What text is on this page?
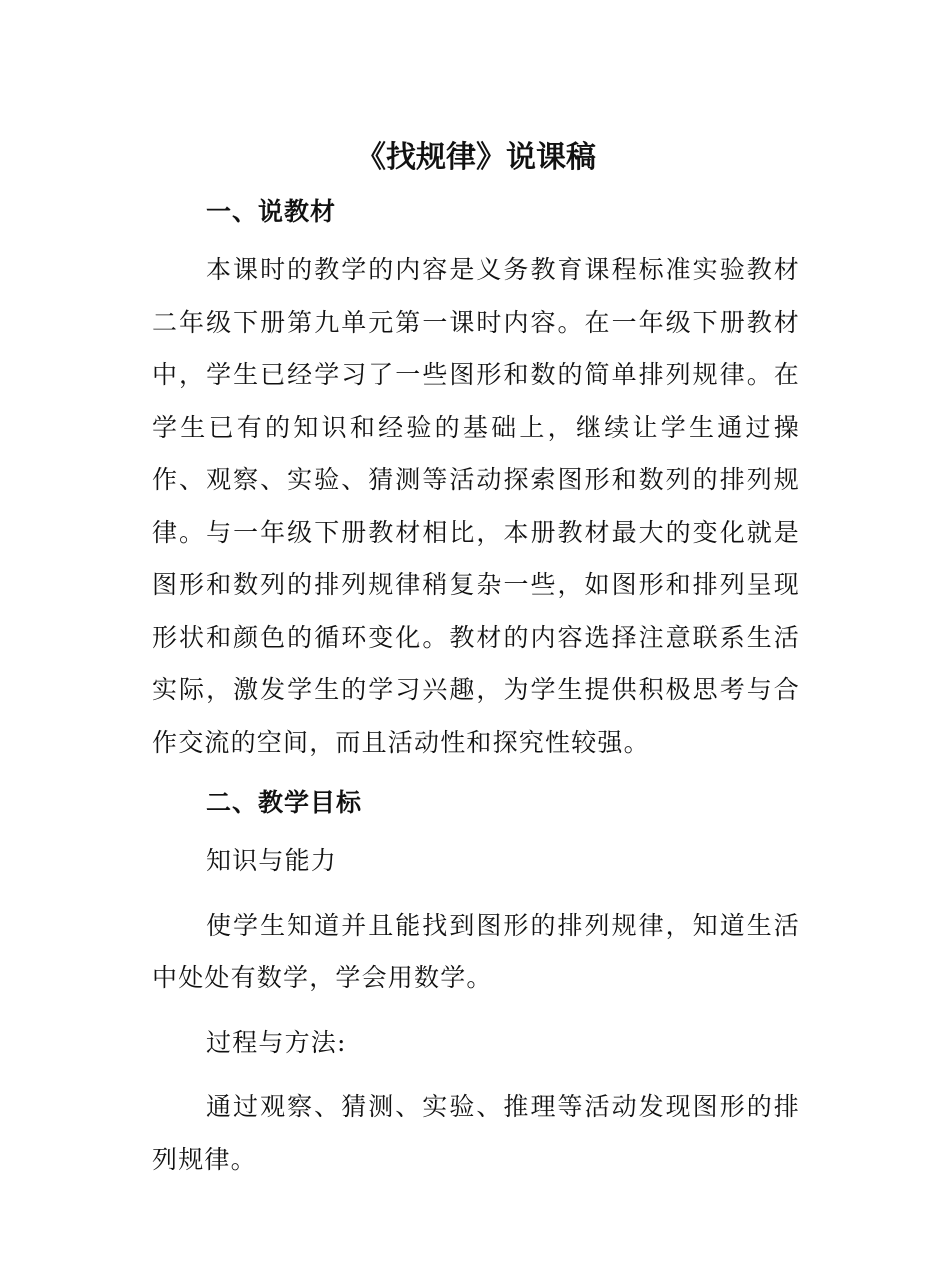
《找规律》说课稿
一、说教材

本课时的教学的内容是义务教育课程标准实验教材二年级下册第九单元第一课时内容。在一年级下册教材中，学生已经学习了一些图形和数的简单排列规律。在学生已有的知识和经验的基础上，继续让学生通过操作、观察、实验、猜测等活动探索图形和数列的排列规律。与一年级下册教材相比，本册教材最大的变化就是图形和数列的排列规律稍复杂一些，如图形和排列呈现形状和颜色的循环变化。教材的内容选择注意联系生活实际，激发学生的学习兴趣，为学生提供积极思考与合作交流的空间，而且活动性和探究性较强。

二、教学目标

知识与能力

使学生知道并且能找到图形的排列规律，知道生活中处处有数学，学会用数学。

过程与方法:

通过观察、猜测、实验、推理等活动发现图形的排列规律。
